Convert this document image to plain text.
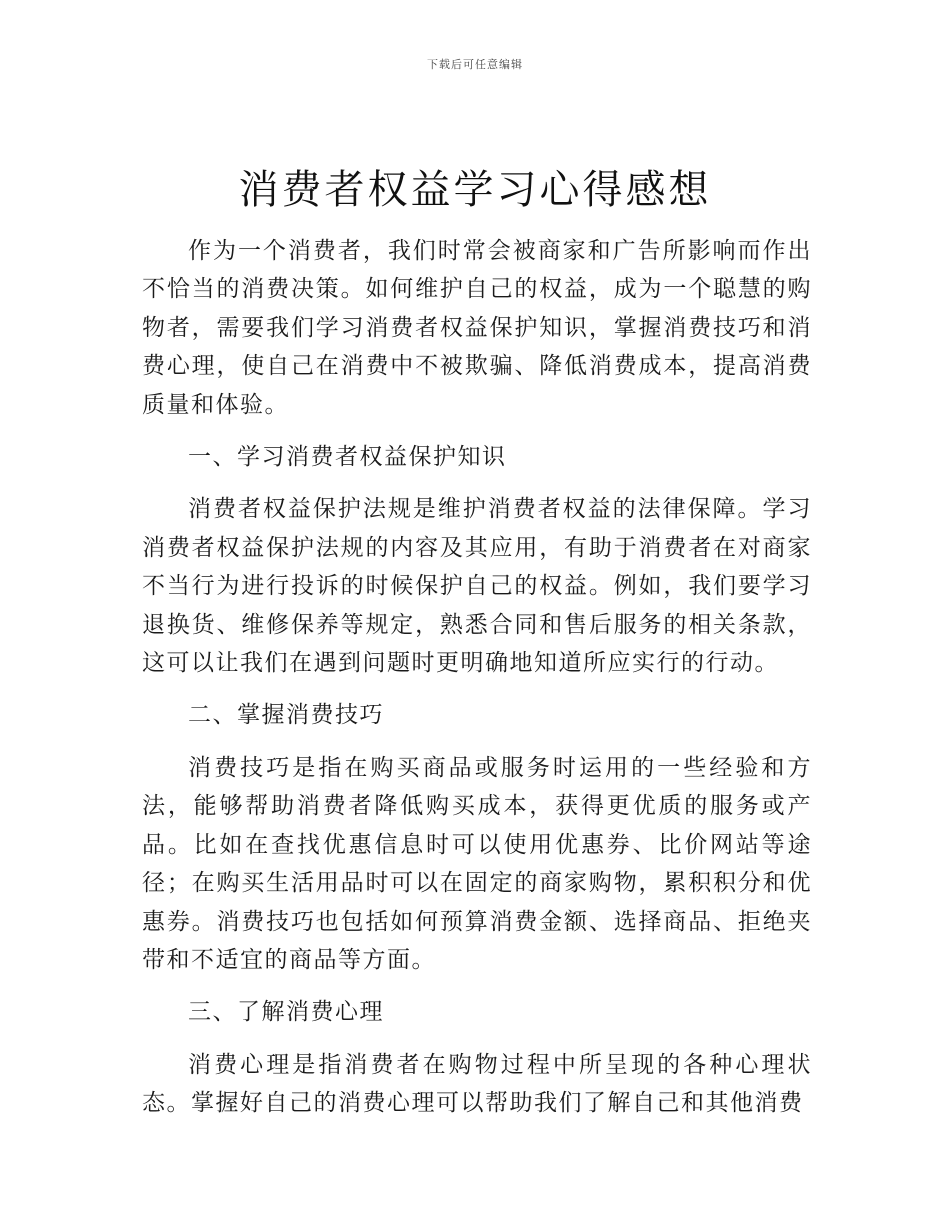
下载后可任意编辑
消费者权益学习心得感想

作为一个消费者，我们时常会被商家和广告所影响而作出不恰当的消费决策。如何维护自己的权益，成为一个聪慧的购物者，需要我们学习消费者权益保护知识，掌握消费技巧和消费心理，使自己在消费中不被欺骗、降低消费成本，提高消费质量和体验。

一、学习消费者权益保护知识

消费者权益保护法规是维护消费者权益的法律保障。学习消费者权益保护法规的内容及其应用，有助于消费者在对商家不当行为进行投诉的时候保护自己的权益。例如，我们要学习退换货、维修保养等规定，熟悉合同和售后服务的相关条款，这可以让我们在遇到问题时更明确地知道所应实行的行动。

二、掌握消费技巧

消费技巧是指在购买商品或服务时运用的一些经验和方法，能够帮助消费者降低购买成本，获得更优质的服务或产品。比如在查找优惠信息时可以使用优惠券、比价网站等途径；在购买生活用品时可以在固定的商家购物，累积积分和优惠券。消费技巧也包括如何预算消费金额、选择商品、拒绝夹带和不适宜的商品等方面。

三、了解消费心理

消费心理是指消费者在购物过程中所呈现的各种心理状态。掌握好自己的消费心理可以帮助我们了解自己和其他消费
